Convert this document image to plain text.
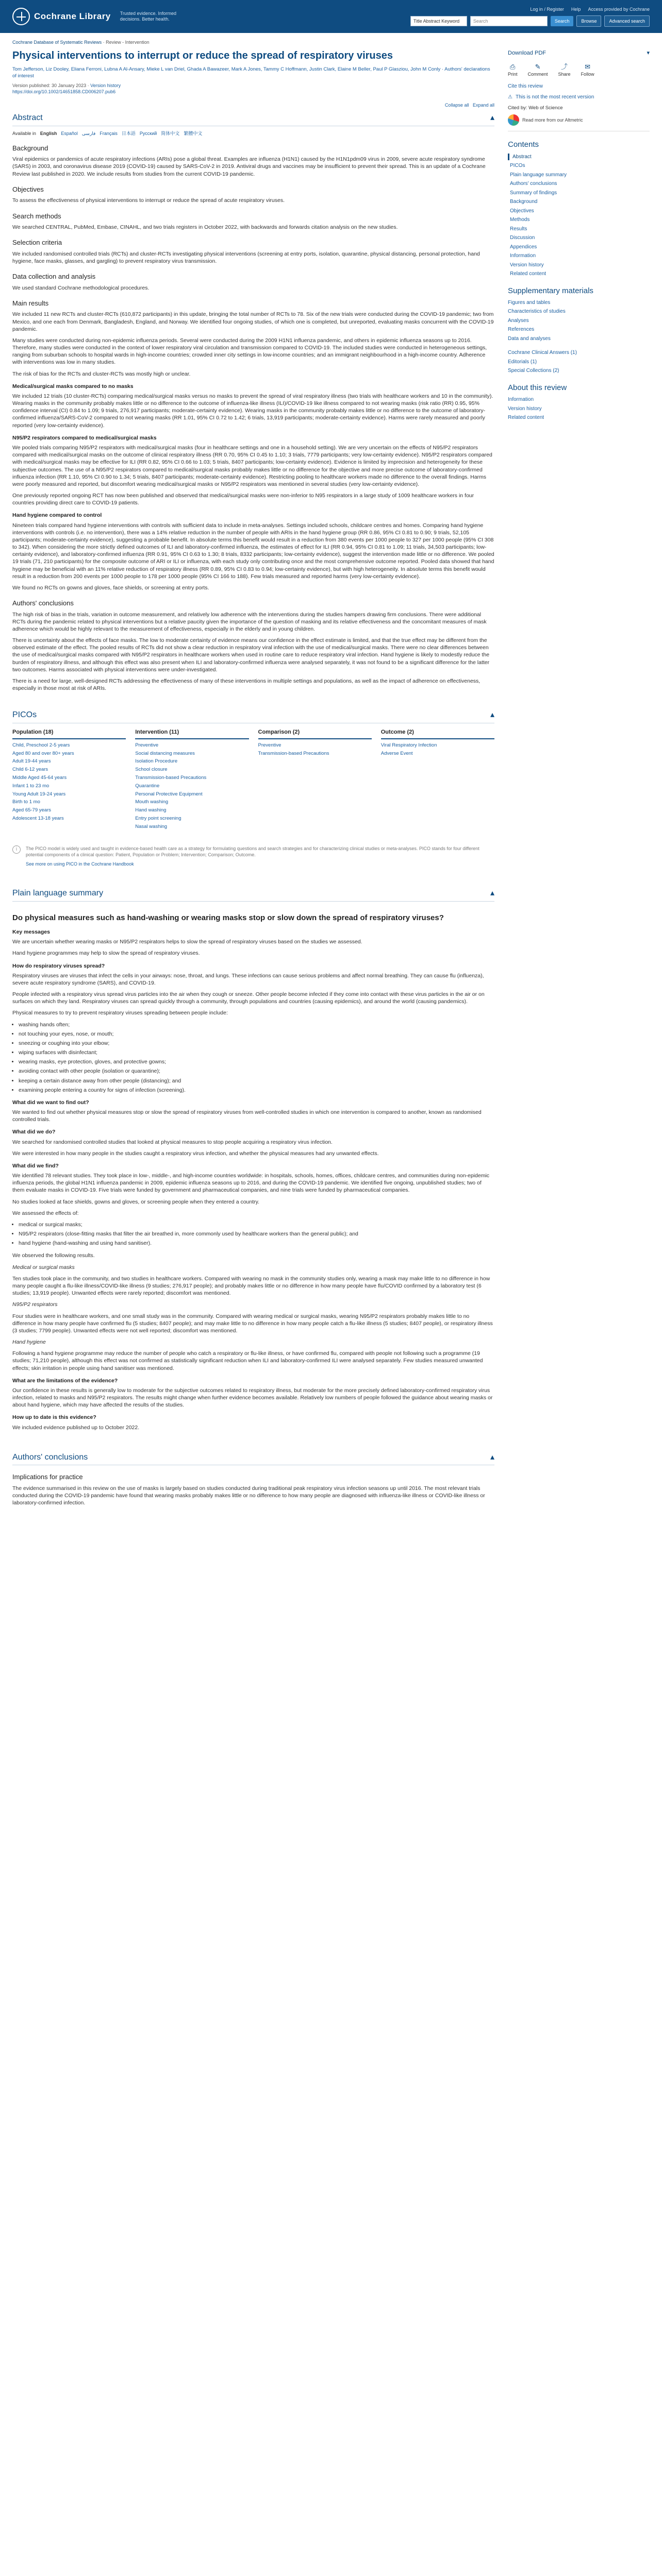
Cochrane Library Trusted evidence. Informed decisions. Better health.
Log in / Register Help Access provided by Cochrane
Title Abstract Keyword	Search	Search	Browse	Advanced search
Cochrane Database of Systematic Reviews · Review - Intervention
Physical interventions to interrupt or reduce the spread of respiratory viruses
Tom Jefferson, Liz Dooley, Eliana Ferroni, Lubna A Al-Ansary, Mieke L van Driel, Ghada A Bawazeer, Mark A Jones, Tammy C Hoffmann, Justin Clark, Elaine M Beller, Paul P Glasziou, John M Conly · Authors' declarations of interest
Version published: 30 January 2023 · Version history
https://doi.org/10.1002/14651858.CD006207.pub6
Collapse all Expand all
Abstract	▴
Available in English Español فارسی Français 日本語 Русский 简体中文 繁體中文
Background

Viral epidemics or pandemics of acute respiratory infections (ARIs) pose a global threat. Examples are influenza (H1N1) caused by the H1N1pdm09 virus in 2009, severe acute respiratory syndrome (SARS) in 2003, and coronavirus disease 2019 (COVID-19) caused by SARS-CoV-2 in 2019. Antiviral drugs and vaccines may be insufficient to prevent their spread. This is an update of a Cochrane Review last published in 2020. We include results from studies from the current COVID-19 pandemic.

Objectives

To assess the effectiveness of physical interventions to interrupt or reduce the spread of acute respiratory viruses.

Search methods

We searched CENTRAL, PubMed, Embase, CINAHL, and two trials registers in October 2022, with backwards and forwards citation analysis on the new studies.

Selection criteria

We included randomised controlled trials (RCTs) and cluster-RCTs investigating physical interventions (screening at entry ports, isolation, quarantine, physical distancing, personal protection, hand hygiene, face masks, glasses, and gargling) to prevent respiratory virus transmission.

Data collection and analysis

We used standard Cochrane methodological procedures.

Main results

We included 11 new RCTs and cluster-RCTs (610,872 participants) in this update, bringing the total number of RCTs to 78. Six of the new trials were conducted during the COVID-19 pandemic; two from Mexico, and one each from Denmark, Bangladesh, England, and Norway. We identified four ongoing studies, of which one is completed, but unreported, evaluating masks concurrent with the COVID-19 pandemic.

Many studies were conducted during non-epidemic influenza periods. Several were conducted during the 2009 H1N1 influenza pandemic, and others in epidemic influenza seasons up to 2016. Therefore, many studies were conducted in the context of lower respiratory viral circulation and transmission compared to COVID-19. The included studies were conducted in heterogeneous settings, ranging from suburban schools to hospital wards in high-income countries; crowded inner city settings in low-income countries; and an immigrant neighbourhood in a high-income country. Adherence with interventions was low in many studies.

The risk of bias for the RCTs and cluster-RCTs was mostly high or unclear.

Medical/surgical masks compared to no masks

We included 12 trials (10 cluster-RCTs) comparing medical/surgical masks versus no masks to prevent the spread of viral respiratory illness (two trials with healthcare workers and 10 in the community). Wearing masks in the community probably makes little or no difference to the outcome of influenza-like illness (ILI)/COVID-19 like illness compared to not wearing masks (risk ratio (RR) 0.95, 95% confidence interval (CI) 0.84 to 1.09; 9 trials, 276,917 participants; moderate-certainty evidence). Wearing masks in the community probably makes little or no difference to the outcome of laboratory-confirmed influenza/SARS-CoV-2 compared to not wearing masks (RR 1.01, 95% CI 0.72 to 1.42; 6 trials, 13,919 participants; moderate-certainty evidence). Harms were rarely measured and poorly reported (very low-certainty evidence).

N95/P2 respirators compared to medical/surgical masks

We pooled trials comparing N95/P2 respirators with medical/surgical masks (four in healthcare settings and one in a household setting). We are very uncertain on the effects of N95/P2 respirators compared with medical/surgical masks on the outcome of clinical respiratory illness (RR 0.70, 95% CI 0.45 to 1.10; 3 trials, 7779 participants; very low-certainty evidence). N95/P2 respirators compared with medical/surgical masks may be effective for ILI (RR 0.82, 95% CI 0.66 to 1.03; 5 trials, 8407 participants; low-certainty evidence). Evidence is limited by imprecision and heterogeneity for these subjective outcomes. The use of a N95/P2 respirators compared to medical/surgical masks probably makes little or no difference for the objective and more precise outcome of laboratory-confirmed influenza infection (RR 1.10, 95% CI 0.90 to 1.34; 5 trials, 8407 participants; moderate-certainty evidence). Restricting pooling to healthcare workers made no difference to the overall findings. Harms were poorly measured and reported, but discomfort wearing medical/surgical masks or N95/P2 respirators was mentioned in several studies (very low-certainty evidence).

One previously reported ongoing RCT has now been published and observed that medical/surgical masks were non-inferior to N95 respirators in a large study of 1009 healthcare workers in four countries providing direct care to COVID-19 patients.

Hand hygiene compared to control

Nineteen trials compared hand hygiene interventions with controls with sufficient data to include in meta-analyses. Settings included schools, childcare centres and homes. Comparing hand hygiene interventions with controls (i.e. no intervention), there was a 14% relative reduction in the number of people with ARIs in the hand hygiene group (RR 0.86, 95% CI 0.81 to 0.90; 9 trials, 52,105 participants; moderate-certainty evidence), suggesting a probable benefit. In absolute terms this benefit would result in a reduction from 380 events per 1000 people to 327 per 1000 people (95% CI 308 to 342). When considering the more strictly defined outcomes of ILI and laboratory-confirmed influenza, the estimates of effect for ILI (RR 0.94, 95% CI 0.81 to 1.09; 11 trials, 34,503 participants; low-certainty evidence), and laboratory-confirmed influenza (RR 0.91, 95% CI 0.63 to 1.30; 8 trials, 8332 participants; low-certainty evidence), suggest the intervention made little or no difference. We pooled 19 trials (71, 210 participants) for the composite outcome of ARI or ILI or influenza, with each study only contributing once and the most comprehensive outcome reported. Pooled data showed that hand hygiene may be beneficial with an 11% relative reduction of respiratory illness (RR 0.89, 95% CI 0.83 to 0.94; low-certainty evidence), but with high heterogeneity. In absolute terms this benefit would result in a reduction from 200 events per 1000 people to 178 per 1000 people (95% CI 166 to 188). Few trials measured and reported harms (very low-certainty evidence).

We found no RCTs on gowns and gloves, face shields, or screening at entry ports.

Authors' conclusions

The high risk of bias in the trials, variation in outcome measurement, and relatively low adherence with the interventions during the studies hampers drawing firm conclusions. There were additional RCTs during the pandemic related to physical interventions but a relative paucity given the importance of the question of masking and its relative effectiveness and the concomitant measures of mask adherence which would be highly relevant to the measurement of effectiveness, especially in the elderly and in young children.

There is uncertainty about the effects of face masks. The low to moderate certainty of evidence means our confidence in the effect estimate is limited, and that the true effect may be different from the observed estimate of the effect. The pooled results of RCTs did not show a clear reduction in respiratory viral infection with the use of medical/surgical masks. There were no clear differences between the use of medical/surgical masks compared with N95/P2 respirators in healthcare workers when used in routine care to reduce respiratory viral infection. Hand hygiene is likely to modestly reduce the burden of respiratory illness, and although this effect was also present when ILI and laboratory-confirmed influenza were analysed separately, it was not found to be a significant difference for the latter two outcomes. Harms associated with physical interventions were under-investigated.

There is a need for large, well-designed RCTs addressing the effectiveness of many of these interventions in multiple settings and populations, as well as the impact of adherence on effectiveness, especially in those most at risk of ARIs.

PICOs	▴
Population (18)
Child, Preschool 2-5 years
Aged 80 and over 80+ years
Adult 19-44 years
Child 6-12 years
Middle Aged 45-64 years
Infant 1 to 23 mo
Young Adult 19-24 years
Birth to 1 mo
Aged 65-79 years
Adolescent 13-18 years
Intervention (11)
Preventive
Social distancing measures
Isolation Procedure
School closure
Transmission-based Precautions
Quarantine
Personal Protective Equipment
Mouth washing
Hand washing
Entry point screening
Nasal washing
Comparison (2)
Preventive
Transmission-based Precautions
Outcome (2)
Viral Respiratory Infection
Adverse Event
i	The PICO model is widely used and taught in evidence-based health care as a strategy for formulating questions and search strategies and for characterizing clinical studies or meta-analyses. PICO stands for four different potential components of a clinical question: Patient, Population or Problem; Intervention; Comparison; Outcome.
See more on using PICO in the Cochrane Handbook
Plain language summary	▴
Do physical measures such as hand-washing or wearing masks stop or slow down the spread of respiratory viruses?
Key messages

We are uncertain whether wearing masks or N95/P2 respirators helps to slow the spread of respiratory viruses based on the studies we assessed.

Hand hygiene programmes may help to slow the spread of respiratory viruses.

How do respiratory viruses spread?

Respiratory viruses are viruses that infect the cells in your airways: nose, throat, and lungs. These infections can cause serious problems and affect normal breathing. They can cause flu (influenza), severe acute respiratory syndrome (SARS), and COVID-19.

People infected with a respiratory virus spread virus particles into the air when they cough or sneeze. Other people become infected if they come into contact with these virus particles in the air or on surfaces on which they land. Respiratory viruses can spread quickly through a community, through populations and countries (causing epidemics), and around the world (causing pandemics).

Physical measures to try to prevent respiratory viruses spreading between people include:

• washing hands often;
• not touching your eyes, nose, or mouth;
• sneezing or coughing into your elbow;
• wiping surfaces with disinfectant;
• wearing masks, eye protection, gloves, and protective gowns;
• avoiding contact with other people (isolation or quarantine);
• keeping a certain distance away from other people (distancing); and
• examining people entering a country for signs of infection (screening).
What did we want to find out?

We wanted to find out whether physical measures stop or slow the spread of respiratory viruses from well-controlled studies in which one intervention is compared to another, known as randomised controlled trials.

What did we do?

We searched for randomised controlled studies that looked at physical measures to stop people acquiring a respiratory virus infection.

We were interested in how many people in the studies caught a respiratory virus infection, and whether the physical measures had any unwanted effects.

What did we find?

We identified 78 relevant studies. They took place in low-, middle-, and high-income countries worldwide: in hospitals, schools, homes, offices, childcare centres, and communities during non-epidemic influenza periods, the global H1N1 influenza pandemic in 2009, epidemic influenza seasons up to 2016, and during the COVID-19 pandemic. We identified five ongoing, unpublished studies; two of them evaluate masks in COVID-19. Five trials were funded by government and pharmaceutical companies, and nine trials were funded by pharmaceutical companies.

No studies looked at face shields, gowns and gloves, or screening people when they entered a country.

We assessed the effects of:

• medical or surgical masks;
• N95/P2 respirators (close-fitting masks that filter the air breathed in, more commonly used by healthcare workers than the general public); and
• hand hygiene (hand-washing and using hand sanitiser).

We observed the following results.

Medical or surgical masks

Ten studies took place in the community, and two studies in healthcare workers. Compared with wearing no mask in the community studies only, wearing a mask may make little to no difference in how many people caught a flu-like illness/COVID-like illness (9 studies; 276,917 people); and probably makes little or no difference in how many people have flu/COVID confirmed by a laboratory test (6 studies; 13,919 people). Unwanted effects were rarely reported; discomfort was mentioned.

N95/P2 respirators

Four studies were in healthcare workers, and one small study was in the community. Compared with wearing medical or surgical masks, wearing N95/P2 respirators probably makes little to no difference in how many people have confirmed flu (5 studies; 8407 people); and may make little to no difference in how many people catch a flu-like illness (5 studies; 8407 people), or respiratory illness (3 studies; 7799 people). Unwanted effects were not well reported; discomfort was mentioned.

Hand hygiene

Following a hand hygiene programme may reduce the number of people who catch a respiratory or flu-like illness, or have confirmed flu, compared with people not following such a programme (19 studies; 71,210 people), although this effect was not confirmed as statistically significant reduction when ILI and laboratory-confirmed ILI were analysed separately. Few studies measured unwanted effects; skin irritation in people using hand sanitiser was mentioned.

What are the limitations of the evidence?

Our confidence in these results is generally low to moderate for the subjective outcomes related to respiratory illness, but moderate for the more precisely defined laboratory-confirmed respiratory virus infection, related to masks and N95/P2 respirators. The results might change when further evidence becomes available. Relatively low numbers of people followed the guidance about wearing masks or about hand hygiene, which may have affected the results of the studies.

How up to date is this evidence?

We included evidence published up to October 2022.

Authors' conclusions	▴
Implications for practice

The evidence summarised in this review on the use of masks is largely based on studies conducted during traditional peak respiratory virus infection seasons up until 2016. The most relevant trials conducted during the COVID-19 pandemic have found that wearing masks probably makes little or no difference to how many people are diagnosed with influenza-like illness or COVID-like illness or laboratory-confirmed infection.

Download PDF	▾
⎙
Print
✎
Comment
⤴
Share
✉
Follow
Cite this review
⚠ This is not the most recent version
Cited by: Web of Science
Read more from our Altmetric
Contents
Abstract
PICOs
Plain language summary
Authors' conclusions
Summary of findings
Background
Objectives
Methods
Results
Discussion
Appendices
Information
Version history
Related content
Supplementary materials
Figures and tables
Characteristics of studies
Analyses
References
Data and analyses
Cochrane Clinical Answers (1)
Editorials (1)
Special Collections (2)
About this review
Information
Version history
Related content
